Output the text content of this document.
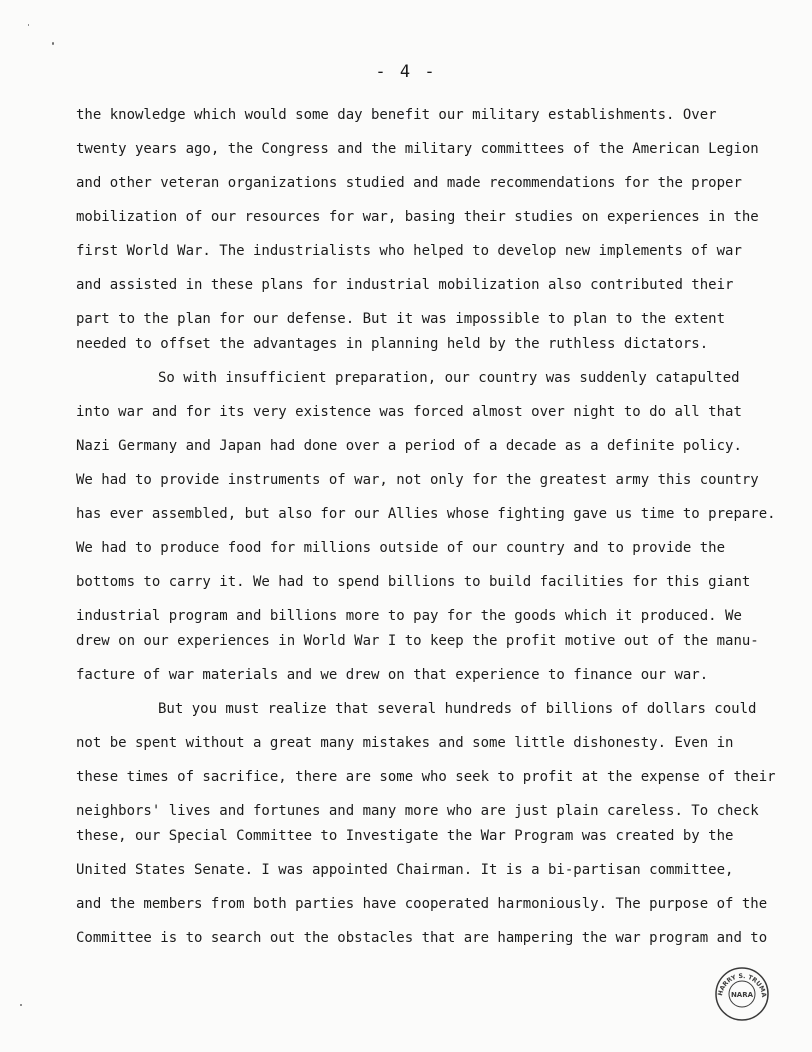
- 4 -
the knowledge which would some day benefit our military establishments. Over
twenty years ago, the Congress and the military committees of the American Legion
and other veteran organizations studied and made recommendations for the proper
mobilization of our resources for war, basing their studies on experiences in the
first World War. The industrialists who helped to develop new implements of war
and assisted in these plans for industrial mobilization also contributed their
part to the plan for our defense. But it was impossible to plan to the extent
needed to offset the advantages in planning held by the ruthless dictators.
So with insufficient preparation, our country was suddenly catapulted
into war and for its very existence was forced almost over night to do all that
Nazi Germany and Japan had done over a period of a decade as a definite policy.
We had to provide instruments of war, not only for the greatest army this country
has ever assembled, but also for our Allies whose fighting gave us time to prepare.
We had to produce food for millions outside of our country and to provide the
bottoms to carry it. We had to spend billions to build facilities for this giant
industrial program and billions more to pay for the goods which it produced. We
drew on our experiences in World War I to keep the profit motive out of the manu-
facture of war materials and we drew on that experience to finance our war.
But you must realize that several hundreds of billions of dollars could
not be spent without a great many mistakes and some little dishonesty. Even in
these times of sacrifice, there are some who seek to profit at the expense of their
neighbors' lives and fortunes and many more who are just plain careless. To check
these, our Special Committee to Investigate the War Program was created by the
United States Senate. I was appointed Chairman. It is a bi-partisan committee,
and the members from both parties have cooperated harmoniously. The purpose of the
Committee is to search out the obstacles that are hampering the war program and to
HARRY S. TRUMA
NARA
